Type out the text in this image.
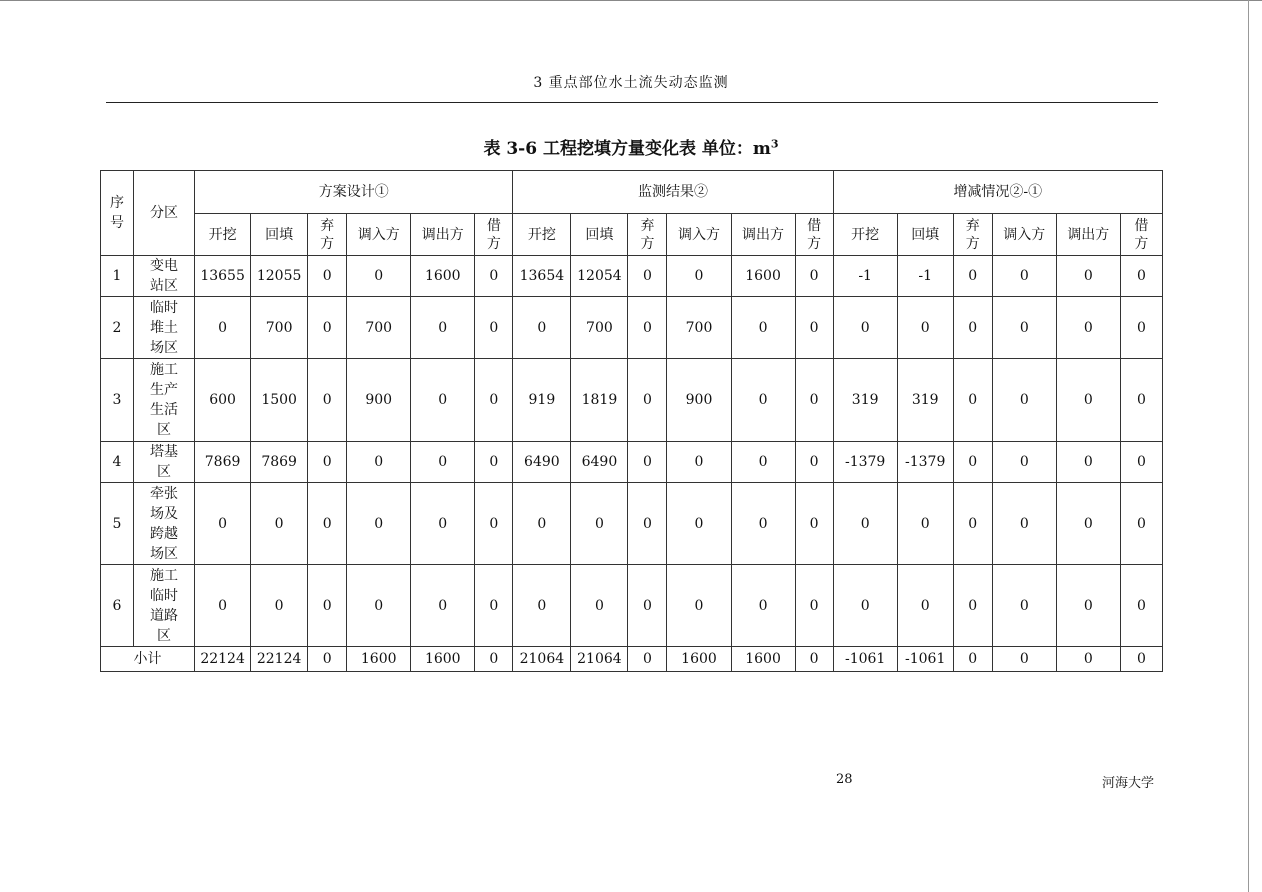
3 重点部位水土流失动态监测
表 3-6 工程挖填方量变化表 单位：$m^3$
序号	分区	方案设计①						监测结果②						增减情况②-①					
		开挖	回填	弃方	调入方	调出方	借方	开挖	回填	弃方	调入方	调出方	借方	开挖	回填	弃方	调入方	调出方	借方

1	变电站区	13655	12055	0	0	1600	0	13654	12054	0	0	1600	0	-1	-1	0	0	0	0
2	临时堆土场区	0	700	0	700	0	0	0	700	0	700	0	0	0	0	0	0	0	0
3	施工生产生活区	600	1500	0	900	0	0	919	1819	0	900	0	0	319	319	0	0	0	0
4	塔基区	7869	7869	0	0	0	0	6490	6490	0	0	0	0	-1379	-1379	0	0	0	0
5	牵张场及跨越场区	0	0	0	0	0	0	0	0	0	0	0	0	0	0	0	0	0	0
6	施工临时道路区	0	0	0	0	0	0	0	0	0	0	0	0	0	0	0	0	0	0
小计		22124	22124	0	1600	1600	0	21064	21064	0	1600	1600	0	-1061	-1061	0	0	0	0
28	河海大学
